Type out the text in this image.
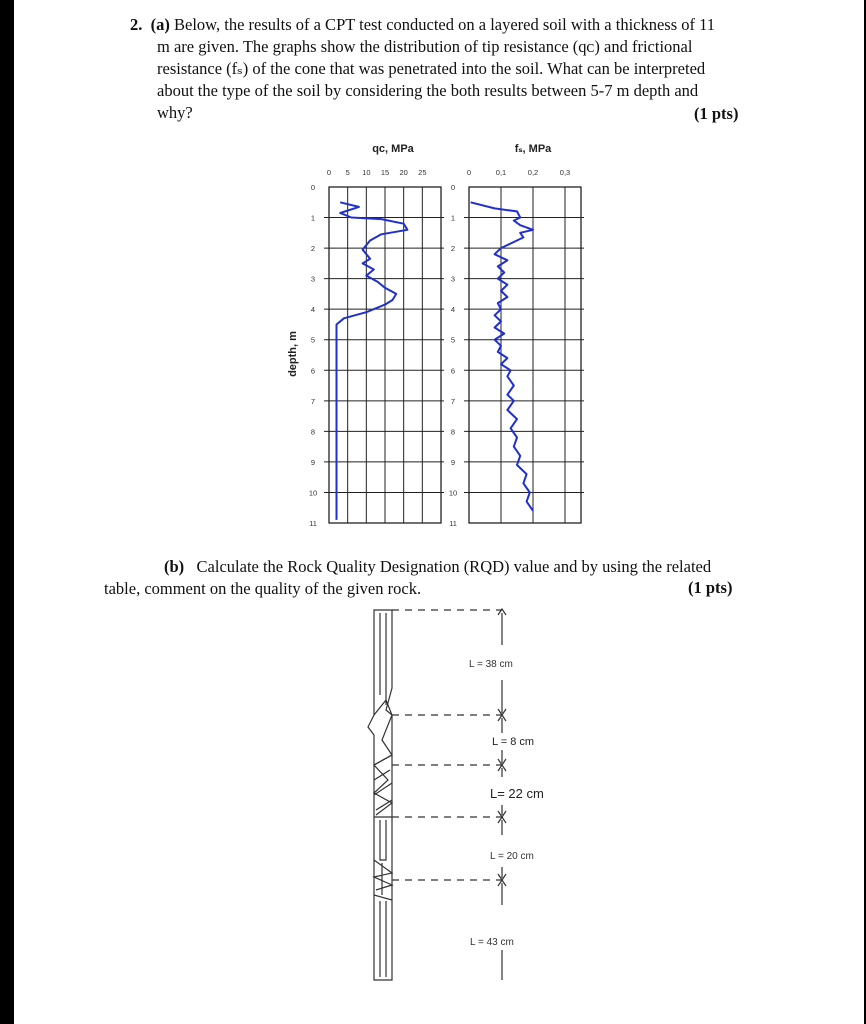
2. (a) Below, the results of a CPT test conducted on a layered soil with a thickness of 11
m are given. The graphs show the distribution of tip resistance (qᴄ) and frictional
resistance (fₛ) of the cone that was penetrated into the soil. What can be interpreted
about the type of the soil by considering the both results between 5-7 m depth and
why?	(1 pts)
depth, m
qᴄ, MPa
0 5 10 15 20 25
0
1
2
3
4
5
6
7
8
9
10
11
fₛ, MPa
0	0,1	0,2	0,3
0
1
2
3
4
5
6
7
8
9
10
11
(b) Calculate the Rock Quality Designation (RQD) value and by using the related
table, comment on the quality of the given rock.	(1 pts)
L = 38 cm
L = 8 cm
L= 22 cm
L = 20 cm
L = 43 cm
